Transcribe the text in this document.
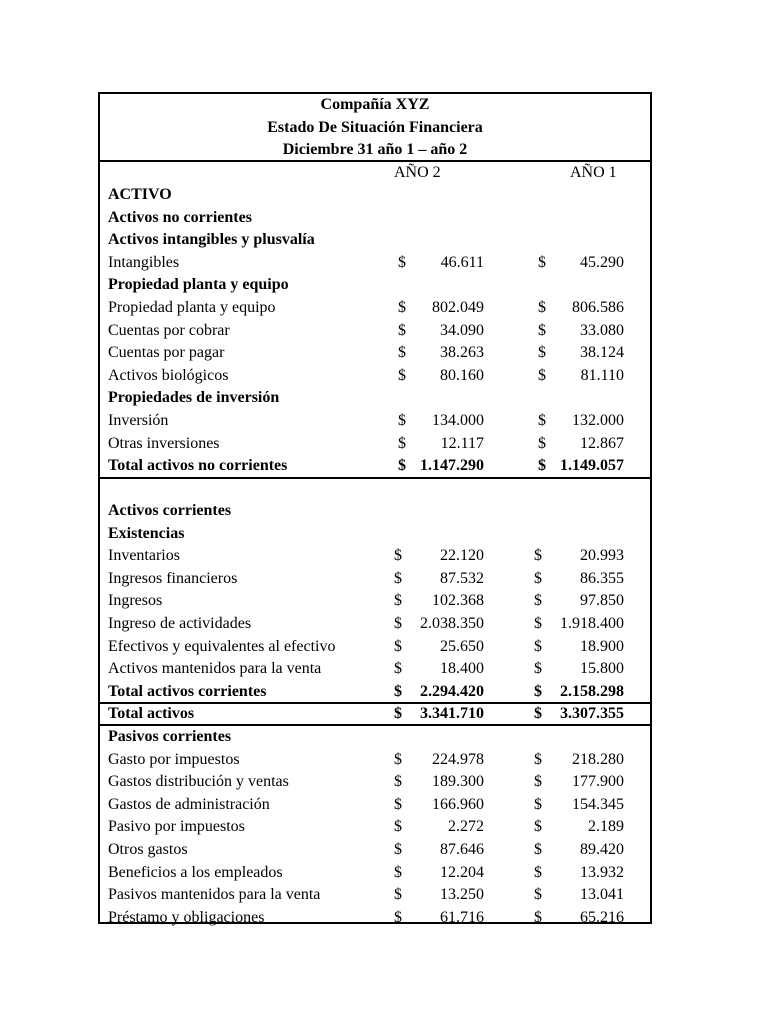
Compañía XYZ
Estado De Situación Financiera
Diciembre 31 año 1 – año 2
AÑO 2	AÑO 1
ACTIVO
Activos no corrientes
Activos intangibles y plusvalía
Intangibles	$ 46.611	$ 45.290
Propiedad planta y equipo
Propiedad planta y equipo	$ 802.049	$ 806.586
Cuentas por cobrar	$ 34.090	$ 33.080
Cuentas por pagar	$ 38.263	$ 38.124
Activos biológicos	$ 80.160	$ 81.110
Propiedades de inversión
Inversión	$ 134.000	$ 132.000
Otras inversiones	$ 12.117	$ 12.867
Total activos no corrientes	$ 1.147.290	$ 1.149.057
Activos corrientes
Existencias
Inventarios	$ 22.120	$ 20.993
Ingresos financieros	$ 87.532	$ 86.355
Ingresos	$ 102.368	$ 97.850
Ingreso de actividades	$ 2.038.350	$ 1.918.400
Efectivos y equivalentes al efectivo	$ 25.650	$ 18.900
Activos mantenidos para la venta	$ 18.400	$ 15.800
Total activos corrientes	$ 2.294.420	$ 2.158.298
Total activos	$ 3.341.710	$ 3.307.355
Pasivos corrientes
Gasto por impuestos	$ 224.978	$ 218.280
Gastos distribución y ventas	$ 189.300	$ 177.900
Gastos de administración	$ 166.960	$ 154.345
Pasivo por impuestos	$	2.272	$	2.189
Otros gastos	$ 87.646	$ 89.420
Beneficios a los empleados	$ 12.204	$ 13.932
Pasivos mantenidos para la venta	$ 13.250	$ 13.041
Préstamo y obligaciones	$ 61.716	$ 65.216
